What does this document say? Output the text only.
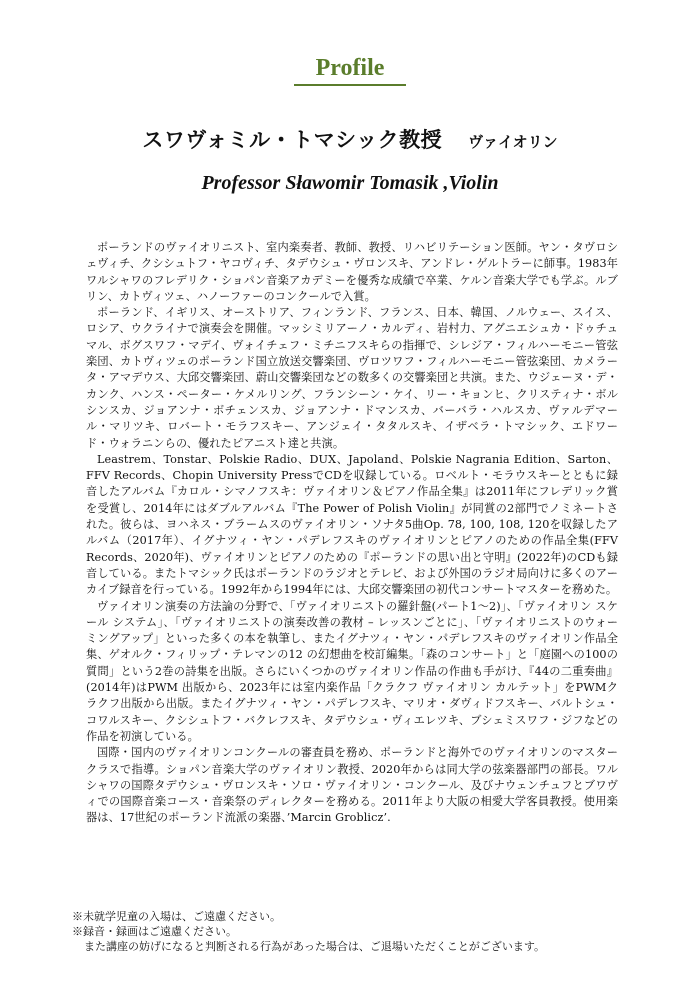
Profile
スワヴォミル・トマシック教授 ヴァイオリン
Professor Sławomir Tomasik ,Violin

ポーランドのヴァイオリニスト、室内楽奏者、教師、教授、リハビリテーション医師。ヤン・タヴロシェヴィチ、クシシュトフ・ヤコヴィチ、タデウシュ・ヴロンスキ、アンドレ・ゲルトラーに師事。1983年ワルシャワのフレデリク・ショパン音楽アカデミーを優秀な成績で卒業、ケルン音楽大学でも学ぶ。ルブリン、カトヴィツェ、ハノーファーのコンクールで入賞。

ポーランド、イギリス、オーストリア、フィンランド、フランス、日本、韓国、ノルウェー、スイス、ロシア、ウクライナで演奏会を開催。マッシミリアーノ・カルディ、岩村力、アグニエシュカ・ドゥチュマル、ボグスワフ・マデイ、ヴォイチェフ・ミチニフスキらの指揮で、シレジア・フィルハーモニー管弦楽団、カトヴィツェのポーランド国立放送交響楽団、ヴロツワフ・フィルハーモニー管弦楽団、カメラータ・アマデウス、大邱交響楽団、蔚山交響楽団などの数多くの交響楽団と共演。また、ウジェーヌ・デ・カンク、ハンス・ペーター・ケメルリング、フランシーン・ケイ、リー・キョンヒ、クリスティナ・ボルシンスカ、ジョアンナ・ボチェンスカ、ジョアンナ・ドマンスカ、バーバラ・ハルスカ、ヴァルデマール・マリツキ、ロバート・モラフスキー、アンジェイ・タタルスキ、イザベラ・トマシック、エドワード・ウォラニンらの、優れたピアニスト達と共演。

Leastrem、Tonstar、Polskie Radio、DUX、Japoland、Polskie Nagrania Edition、Sarton、FFV Records、Chopin University PressでCDを収録している。ロベルト・モラウスキーとともに録音したアルバム『カロル・シマノフスキ：ヴァイオリン＆ピアノ作品全集』は2011年にフレデリック賞を受賞し、2014年にはダブルアルバム『The Power of Polish Violin』が同賞の2部門でノミネートされた。彼らは、ヨハネス・ブラームスのヴァイオリン・ソナタ5曲Op. 78, 100, 108, 120を収録したアルバム（2017年）、イグナツィ・ヤン・パデレフスキのヴァイオリンとピアノのための作品全集(FFV Records、2020年)、ヴァイオリンとピアノのための『ポーランドの思い出と守明』(2022年)のCDも録音している。またトマシック氏はポーランドのラジオとテレビ、および外国のラジオ局向けに多くのアーカイブ録音を行っている。1992年から1994年には、大邱交響楽団の初代コンサートマスターを務めた。

ヴァイオリン演奏の方法論の分野で、「ヴァイオリニストの羅針盤(パート1～2)」、「ヴァイオリン スケール システム」、「ヴァイオリニストの演奏改善の教材 – レッスンごとに」、「ヴァイオリニストのウォーミングアップ」といった多くの本を執筆し、またイグナツィ・ヤン・パデレフスキのヴァイオリン作品全集、ゲオルク・フィリップ・テレマンの12 の幻想曲を校訂編集。「森のコンサート」と「庭園への100の質問」という2巻の詩集を出版。さらにいくつかのヴァイオリン作品の作曲も手がけ、『44の二重奏曲』(2014年)はPWM 出版から、2023年には室内楽作品「クラクフ ヴァイオリン カルテット」をPWMクラクフ出版から出版。またイグナツィ・ヤン・パデレフスキ、マリオ・ダヴィドフスキー、バルトシュ・コワルスキー、クシシュトフ・バクレフスキ、タデウシュ・ヴィエレツキ、ブシェミスワフ・ジフなどの作品を初演している。

国際・国内のヴァイオリンコンクールの審査員を務め、ポーランドと海外でのヴァイオリンのマスタークラスで指導。ショパン音楽大学のヴァイオリン教授、2020年からは同大学の弦楽器部門の部長。ワルシャワの国際タデウシュ・ヴロンスキ・ソロ・ヴァイオリン・コンクール、及びナウェンチュフとブワヴィでの国際音楽コース・音楽祭のディレクターを務める。2011年より大阪の相愛大学客員教授。使用楽器は、17世紀のポーランド流派の楽器、’Marcin Groblicz’.

※未就学児童の入場は、ご遠慮ください。
※録音・録画はご遠慮ください。
また講座の妨げになると判断される行為があった場合は、ご退場いただくことがございます。
